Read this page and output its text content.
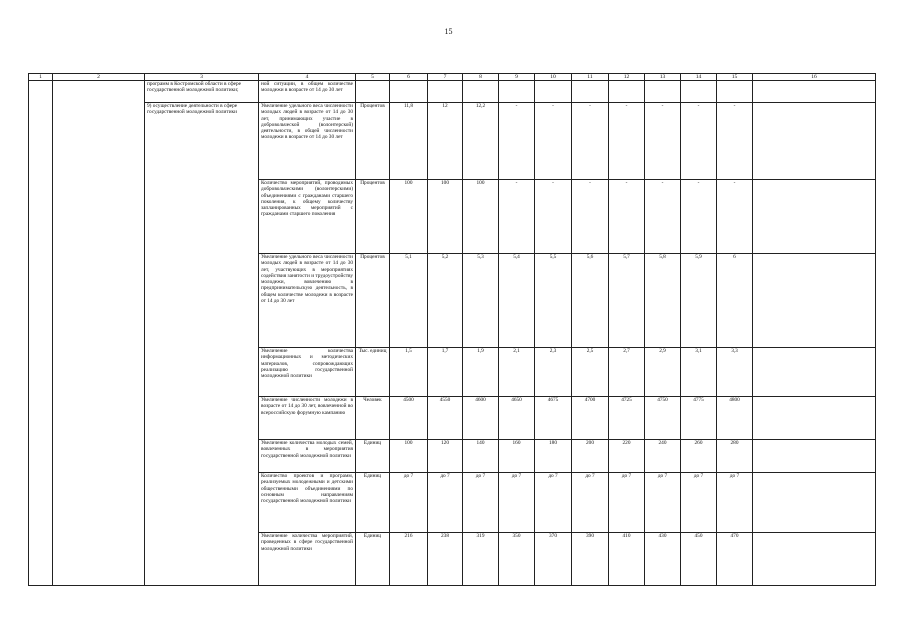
15
1	2	3	4	5	6	7	8	9	10	11	12	13	14	15	16
		программ в Костромской области в сфере государственной молодежной политики;	ной ситуации, в общем количестве молодежи в возрасте от 14 до 30 лет												
		9) осуществление деятельности в сфере государственной молодежной политики	Увеличение удельного веса численности молодых людей в возрасте от 14 до 30 лет, принимающих участие в добровольческой (волонтерской) деятельности, в общей численности молодежи в возрасте от 14 до 30 лет	Процентов	11,8	12	12,2	-	-	-	-	-	-	-	
			Количество мероприятий, проводимых добровольческими (волонтерскими) объединениями с гражданами старшего поколения, к общему количеству запланированных мероприятий с гражданами старшего поколения	Процентов	100	100	100	-	-	-	-	-	-	-	
			Увеличение удельного веса численности молодых людей в возрасте от 14 до 30 лет, участвующих в мероприятиях содействия занятости и трудоустройству молодежи, вовлечению в предпринимательскую деятельность, в общем количестве молодежи в возрасте от 14 до 30 лет	Процентов	5,1	5,2	5,3	5,4	5,5	5,6	5,7	5,8	5,9	6	
			Увеличение количества информационных и методических материалов, сопровождающих реализацию государственной молодежной политики	Тыс. единиц	1,5	1,7	1,9	2,1	2,3	2,5	2,7	2,9	3,1	3,3	
			Увеличение численности молодежи в возрасте от 14 до 30 лет, вовлеченной во всероссийскую форумную кампанию	Человек	4500	4550	4600	4650	4675	4700	4725	4750	4775	4800	
			Увеличение количества молодых семей, вовлеченных в мероприятия государственной молодежной политики	Единиц	100	120	140	160	180	200	220	240	260	280	
			Количество проектов и программ, реализуемых молодежными и детскими общественными объединениями по основным направлениям государственной молодежной политики	Единиц	до 7	до 7	до 7	до 7	до 7	до 7	до 7	до 7	до 7	до 7	
			Увеличение количества мероприятий, проведенных в сфере государственной молодежной политики	Единиц	216	238	319	350	370	390	410	430	450	470	
